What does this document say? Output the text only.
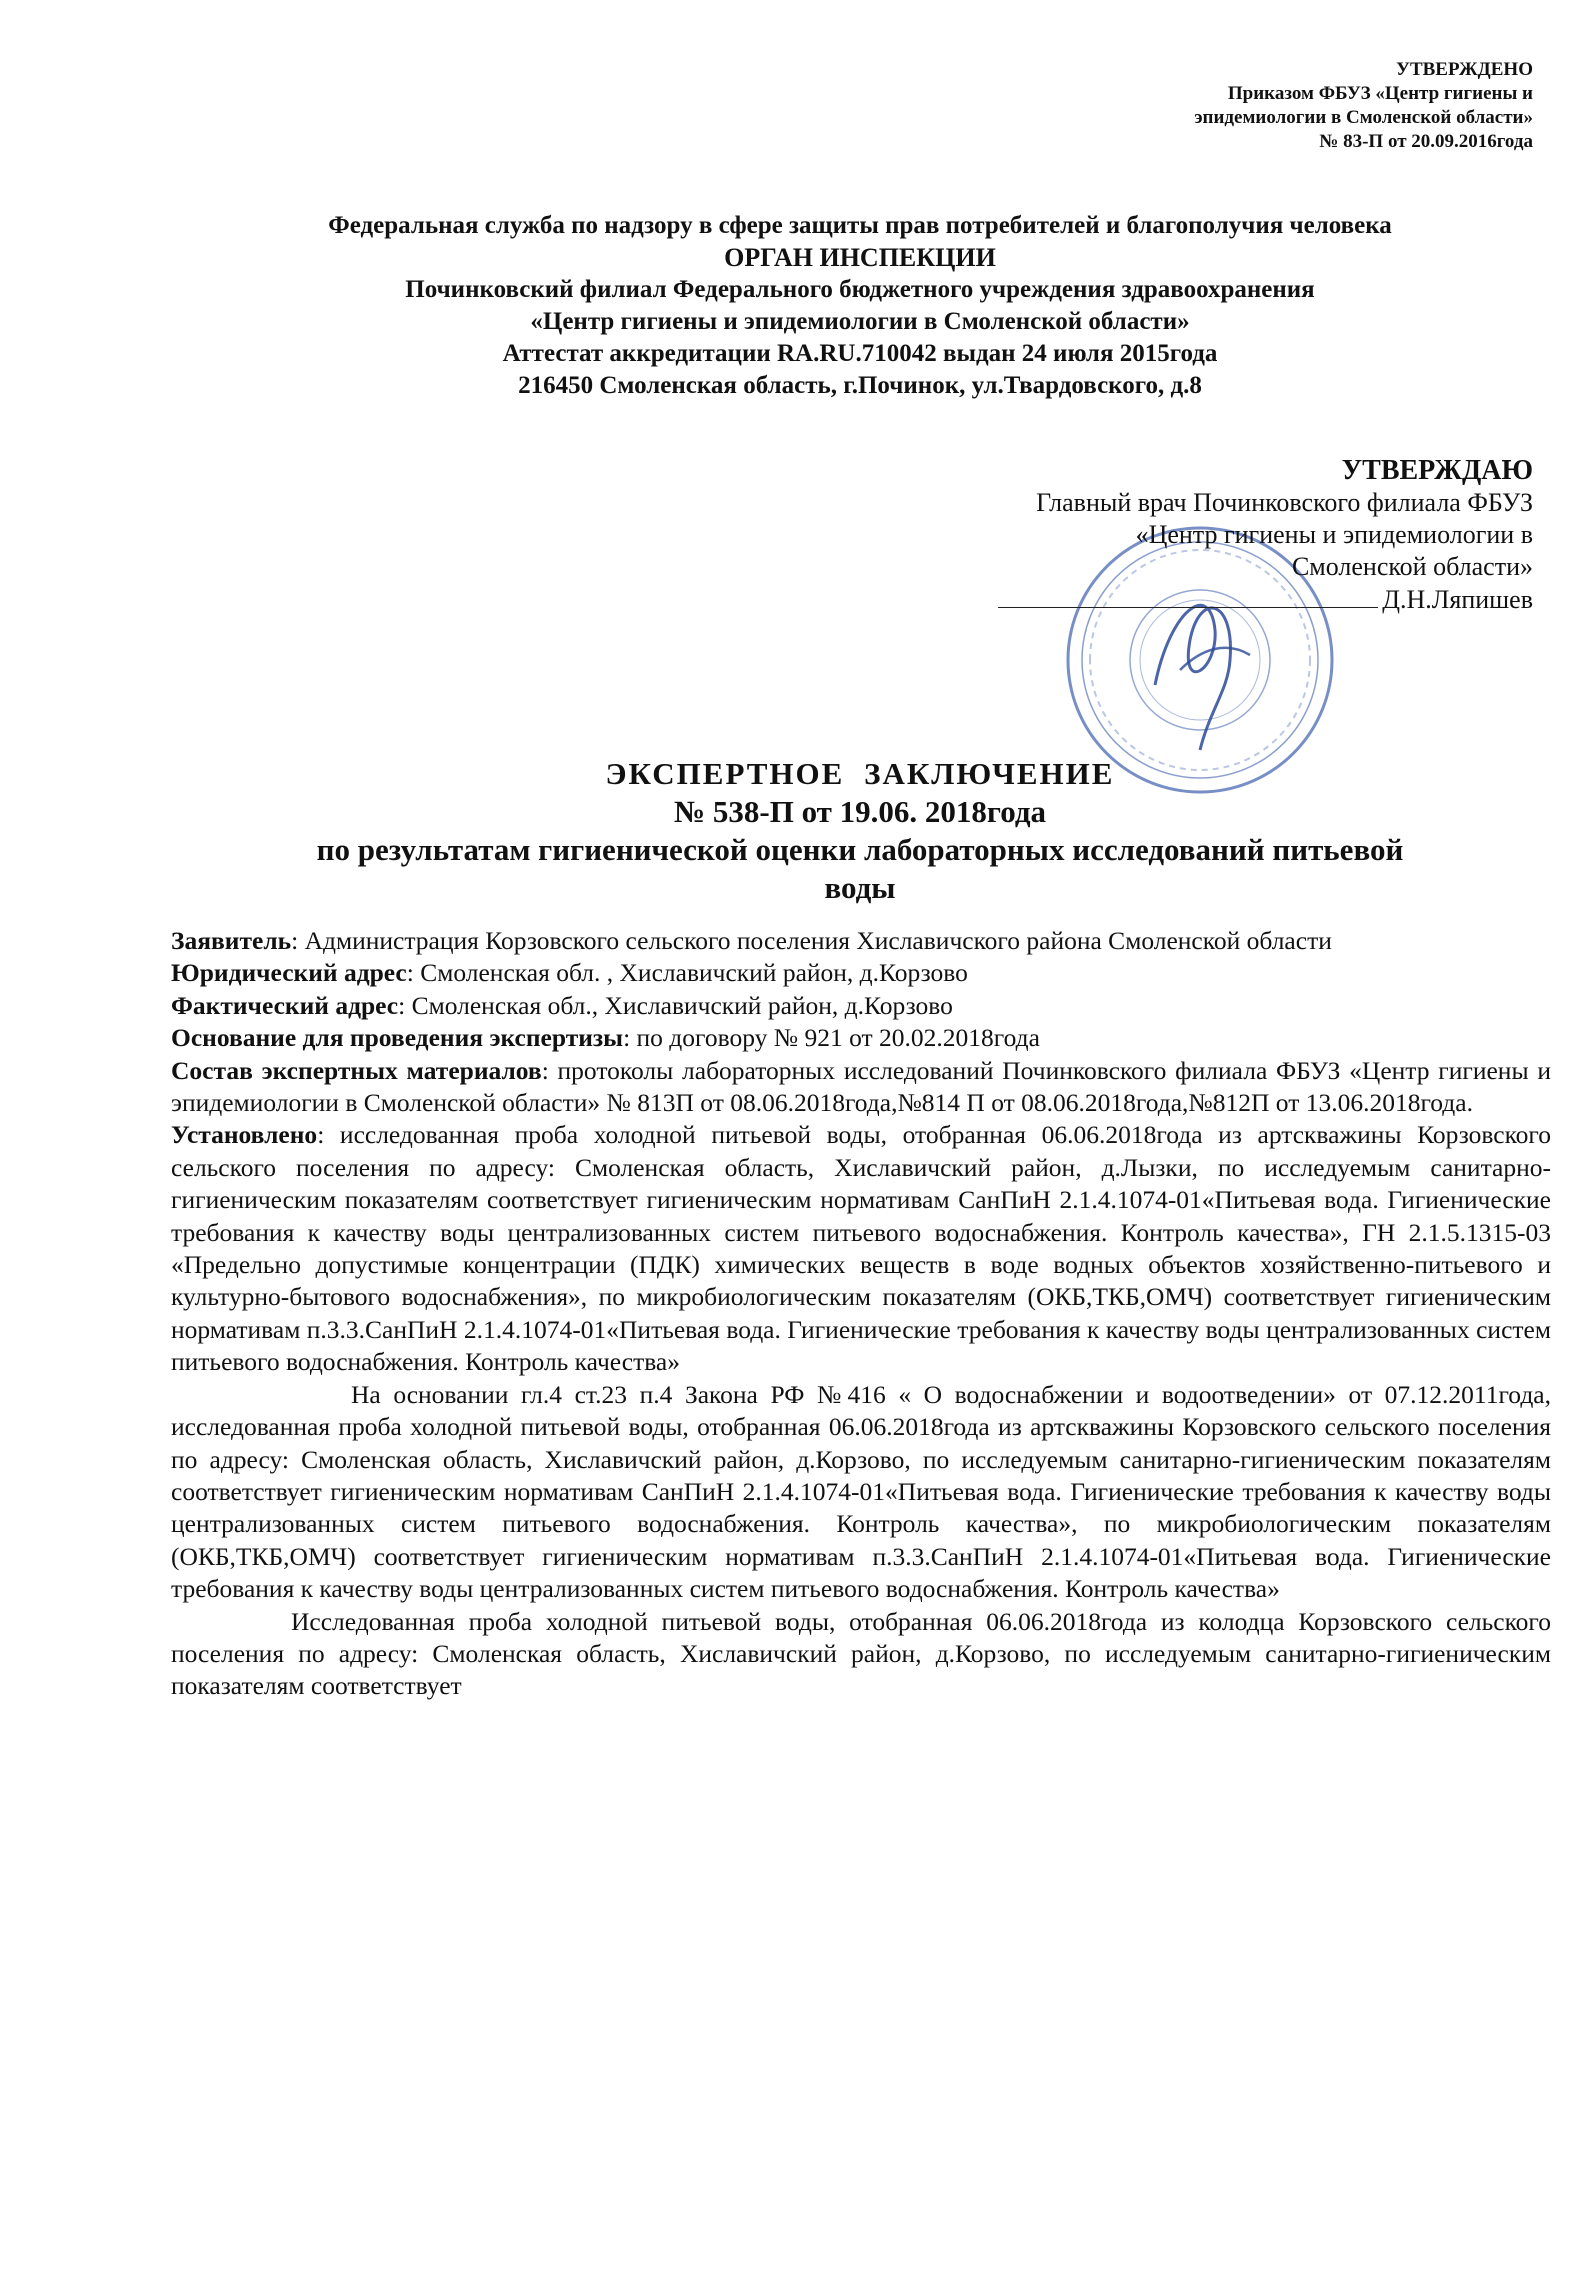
УТВЕРЖДЕНО
Приказом ФБУЗ «Центр гигиены и
эпидемиологии в Смоленской области»
№ 83-П от 20.09.2016года
Федеральная служба по надзору в сфере защиты прав потребителей и благополучия человека
ОРГАН ИНСПЕКЦИИ
Починковский филиал Федерального бюджетного учреждения здравоохранения
«Центр гигиены и эпидемиологии в Смоленской области»
Аттестат аккредитации RA.RU.710042 выдан 24 июля 2015года
216450 Смоленская область, г.Починок, ул.Твардовского, д.8
УТВЕРЖДАЮ
Главный врач Починковского филиала ФБУЗ
«Центр гигиены и эпидемиологии в
Смоленской области»
Д.Н.Ляпишев
ЭКСПЕРТНОЕ ЗАКЛЮЧЕНИЕ
№ 538-П от 19.06. 2018года
по результатам гигиенической оценки лабораторных исследований питьевой
воды

Заявитель: Администрация Корзовского сельского поселения Хиславичского района Смоленской области

Юридический адрес: Смоленская обл. , Хиславичский район, д.Корзово

Фактический адрес: Смоленская обл., Хиславичский район, д.Корзово

Основание для проведения экспертизы: по договору № 921 от 20.02.2018года

Состав экспертных материалов: протоколы лабораторных исследований Починковского филиала ФБУЗ «Центр гигиены и эпидемиологии в Смоленской области» № 813П от 08.06.2018года,№814 П от 08.06.2018года,№812П от 13.06.2018года.

Установлено: исследованная проба холодной питьевой воды, отобранная 06.06.2018года из артскважины Корзовского сельского поселения по адресу: Смоленская область, Хиславичский район, д.Лызки, по исследуемым санитарно-гигиеническим показателям соответствует гигиеническим нормативам СанПиН 2.1.4.1074-01«Питьевая вода. Гигиенические требования к качеству воды централизованных систем питьевого водоснабжения. Контроль качества», ГН 2.1.5.1315-03 «Предельно допустимые концентрации (ПДК) химических веществ в воде водных объектов хозяйственно-питьевого и культурно-бытового водоснабжения», по микробиологическим показателям (ОКБ,ТКБ,ОМЧ) соответствует гигиеническим нормативам п.3.3.СанПиН 2.1.4.1074-01«Питьевая вода. Гигиенические требования к качеству воды централизованных систем питьевого водоснабжения. Контроль качества»

На основании гл.4 ст.23 п.4 Закона РФ №416 « О водоснабжении и водоотведении» от 07.12.2011года, исследованная проба холодной питьевой воды, отобранная 06.06.2018года из артскважины Корзовского сельского поселения по адресу: Смоленская область, Хиславичский район, д.Корзово, по исследуемым санитарно-гигиеническим показателям соответствует гигиеническим нормативам СанПиН 2.1.4.1074-01«Питьевая вода. Гигиенические требования к качеству воды централизованных систем питьевого водоснабжения. Контроль качества», по микробиологическим показателям (ОКБ,ТКБ,ОМЧ) соответствует гигиеническим нормативам п.3.3.СанПиН 2.1.4.1074-01«Питьевая вода. Гигиенические требования к качеству воды централизованных систем питьевого водоснабжения. Контроль качества»

Исследованная проба холодной питьевой воды, отобранная 06.06.2018года из колодца Корзовского сельского поселения по адресу: Смоленская область, Хиславичский район, д.Корзово, по исследуемым санитарно-гигиеническим показателям соответствует
